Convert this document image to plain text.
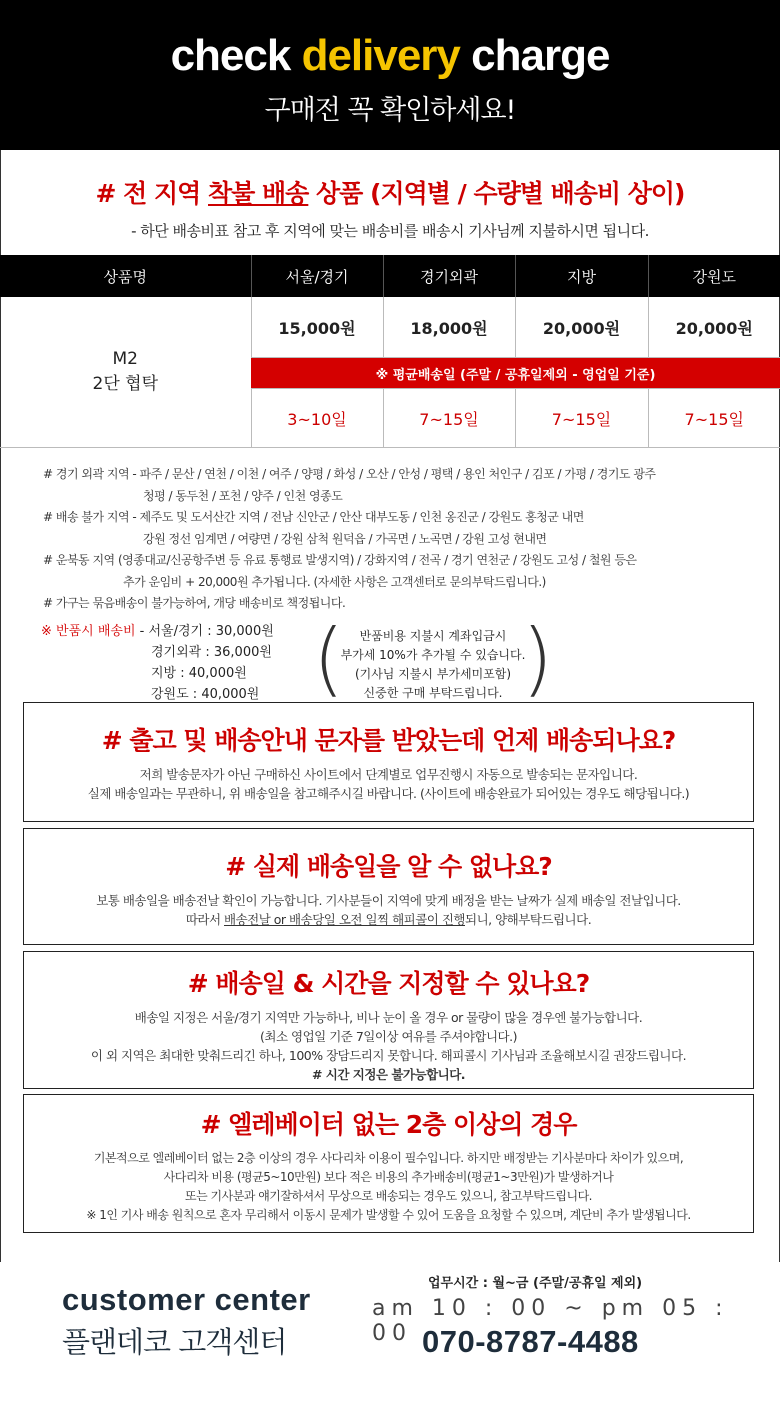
check delivery charge
구매전 꼭 확인하세요!
# 전 지역 착불 배송 상품 (지역별 / 수량별 배송비 상이)
- 하단 배송비표 참고 후 지역에 맞는 배송비를 배송시 기사님께 지불하시면 됩니다.
상품명	서울/경기	경기외곽	지방	강원도

M2
2단 협탁	15,000원	18,000원	20,000원	20,000원
	※ 평균배송일 (주말 / 공휴일제외 - 영업일 기준)			
	3~10일	7~15일	7~15일	7~15일
# 경기 외곽 지역 - 파주 / 문산 / 연천 / 이천 / 여주 / 양평 / 화성 / 오산 / 안성 / 평택 / 용인 처인구 / 김포 / 가평 / 경기도 광주
청평 / 동두천 / 포천 / 양주 / 인천 영종도
# 배송 불가 지역 - 제주도 및 도서산간 지역 / 전남 신안군 / 안산 대부도동 / 인천 옹진군 / 강원도 홍청군 내면
강원 정선 임계면 / 여량면 / 강원 삼척 원덕읍 / 가곡면 / 노곡면 / 강원 고성 현내면
# 운북동 지역 (영종대교/신공항주변 등 유료 통행료 발생지역) / 강화지역 / 전곡 / 경기 연천군 / 강원도 고성 / 철원 등은
추가 운임비 + 20,000원 추가됩니다. (자세한 사항은 고객센터로 문의부탁드립니다.)
# 가구는 묶음배송이 불가능하여, 개당 배송비로 책정됩니다.
※ 반품시 배송비 - 서울/경기 : 30,000원
경기외곽 : 36,000원
지방 : 40,000원
강원도 : 40,000원 ( )
반품비용 지불시 계좌입금시
부가세 10%가 추가될 수 있습니다.
(기사님 지불시 부가세미포함)
신중한 구매 부탁드립니다.
# 출고 및 배송안내 문자를 받았는데 언제 배송되나요?
저희 발송문자가 아닌 구매하신 사이트에서 단계별로 업무진행시 자동으로 발송되는 문자입니다.
실제 배송일과는 무관하니, 위 배송일을 참고해주시길 바랍니다. (사이트에 배송완료가 되어있는 경우도 해당됩니다.)
# 실제 배송일을 알 수 없나요?
보통 배송일을 배송전날 확인이 가능합니다. 기사분들이 지역에 맞게 배정을 받는 날짜가 실제 배송일 전날입니다.
따라서 배송전날 or 배송당일 오전 일찍 해피콜이 진행되니, 양해부탁드립니다.
# 배송일 & 시간을 지정할 수 있나요?
배송일 지정은 서울/경기 지역만 가능하나, 비나 눈이 올 경우 or 물량이 많을 경우엔 불가능합니다.
(최소 영업일 기준 7일이상 여유를 주셔야합니다.)
이 외 지역은 최대한 맞춰드리긴 하나, 100% 장담드리지 못합니다. 해피콜시 기사님과 조율해보시길 권장드립니다.
# 시간 지정은 불가능합니다.
# 엘레베이터 없는 2층 이상의 경우
기본적으로 엘레베이터 없는 2층 이상의 경우 사다리차 이용이 필수입니다. 하지만 배정받는 기사분마다 차이가 있으며,
사다리차 비용 (평균5~10만원) 보다 적은 비용의 추가배송비(평균1~3만원)가 발생하거나
또는 기사분과 얘기잘하셔서 무상으로 배송되는 경우도 있으니, 참고부탁드립니다.
※ 1인 기사 배송 원칙으로 혼자 무리해서 이동시 문제가 발생할 수 있어 도움을 요청할 수 있으며, 계단비 추가 발생됩니다.
customer center
플랜데코 고객센터
업무시간 : 월~금 (주말/공휴일 제외)
am 10 : 00 ~ pm 05 : 00 070-8787-4488
